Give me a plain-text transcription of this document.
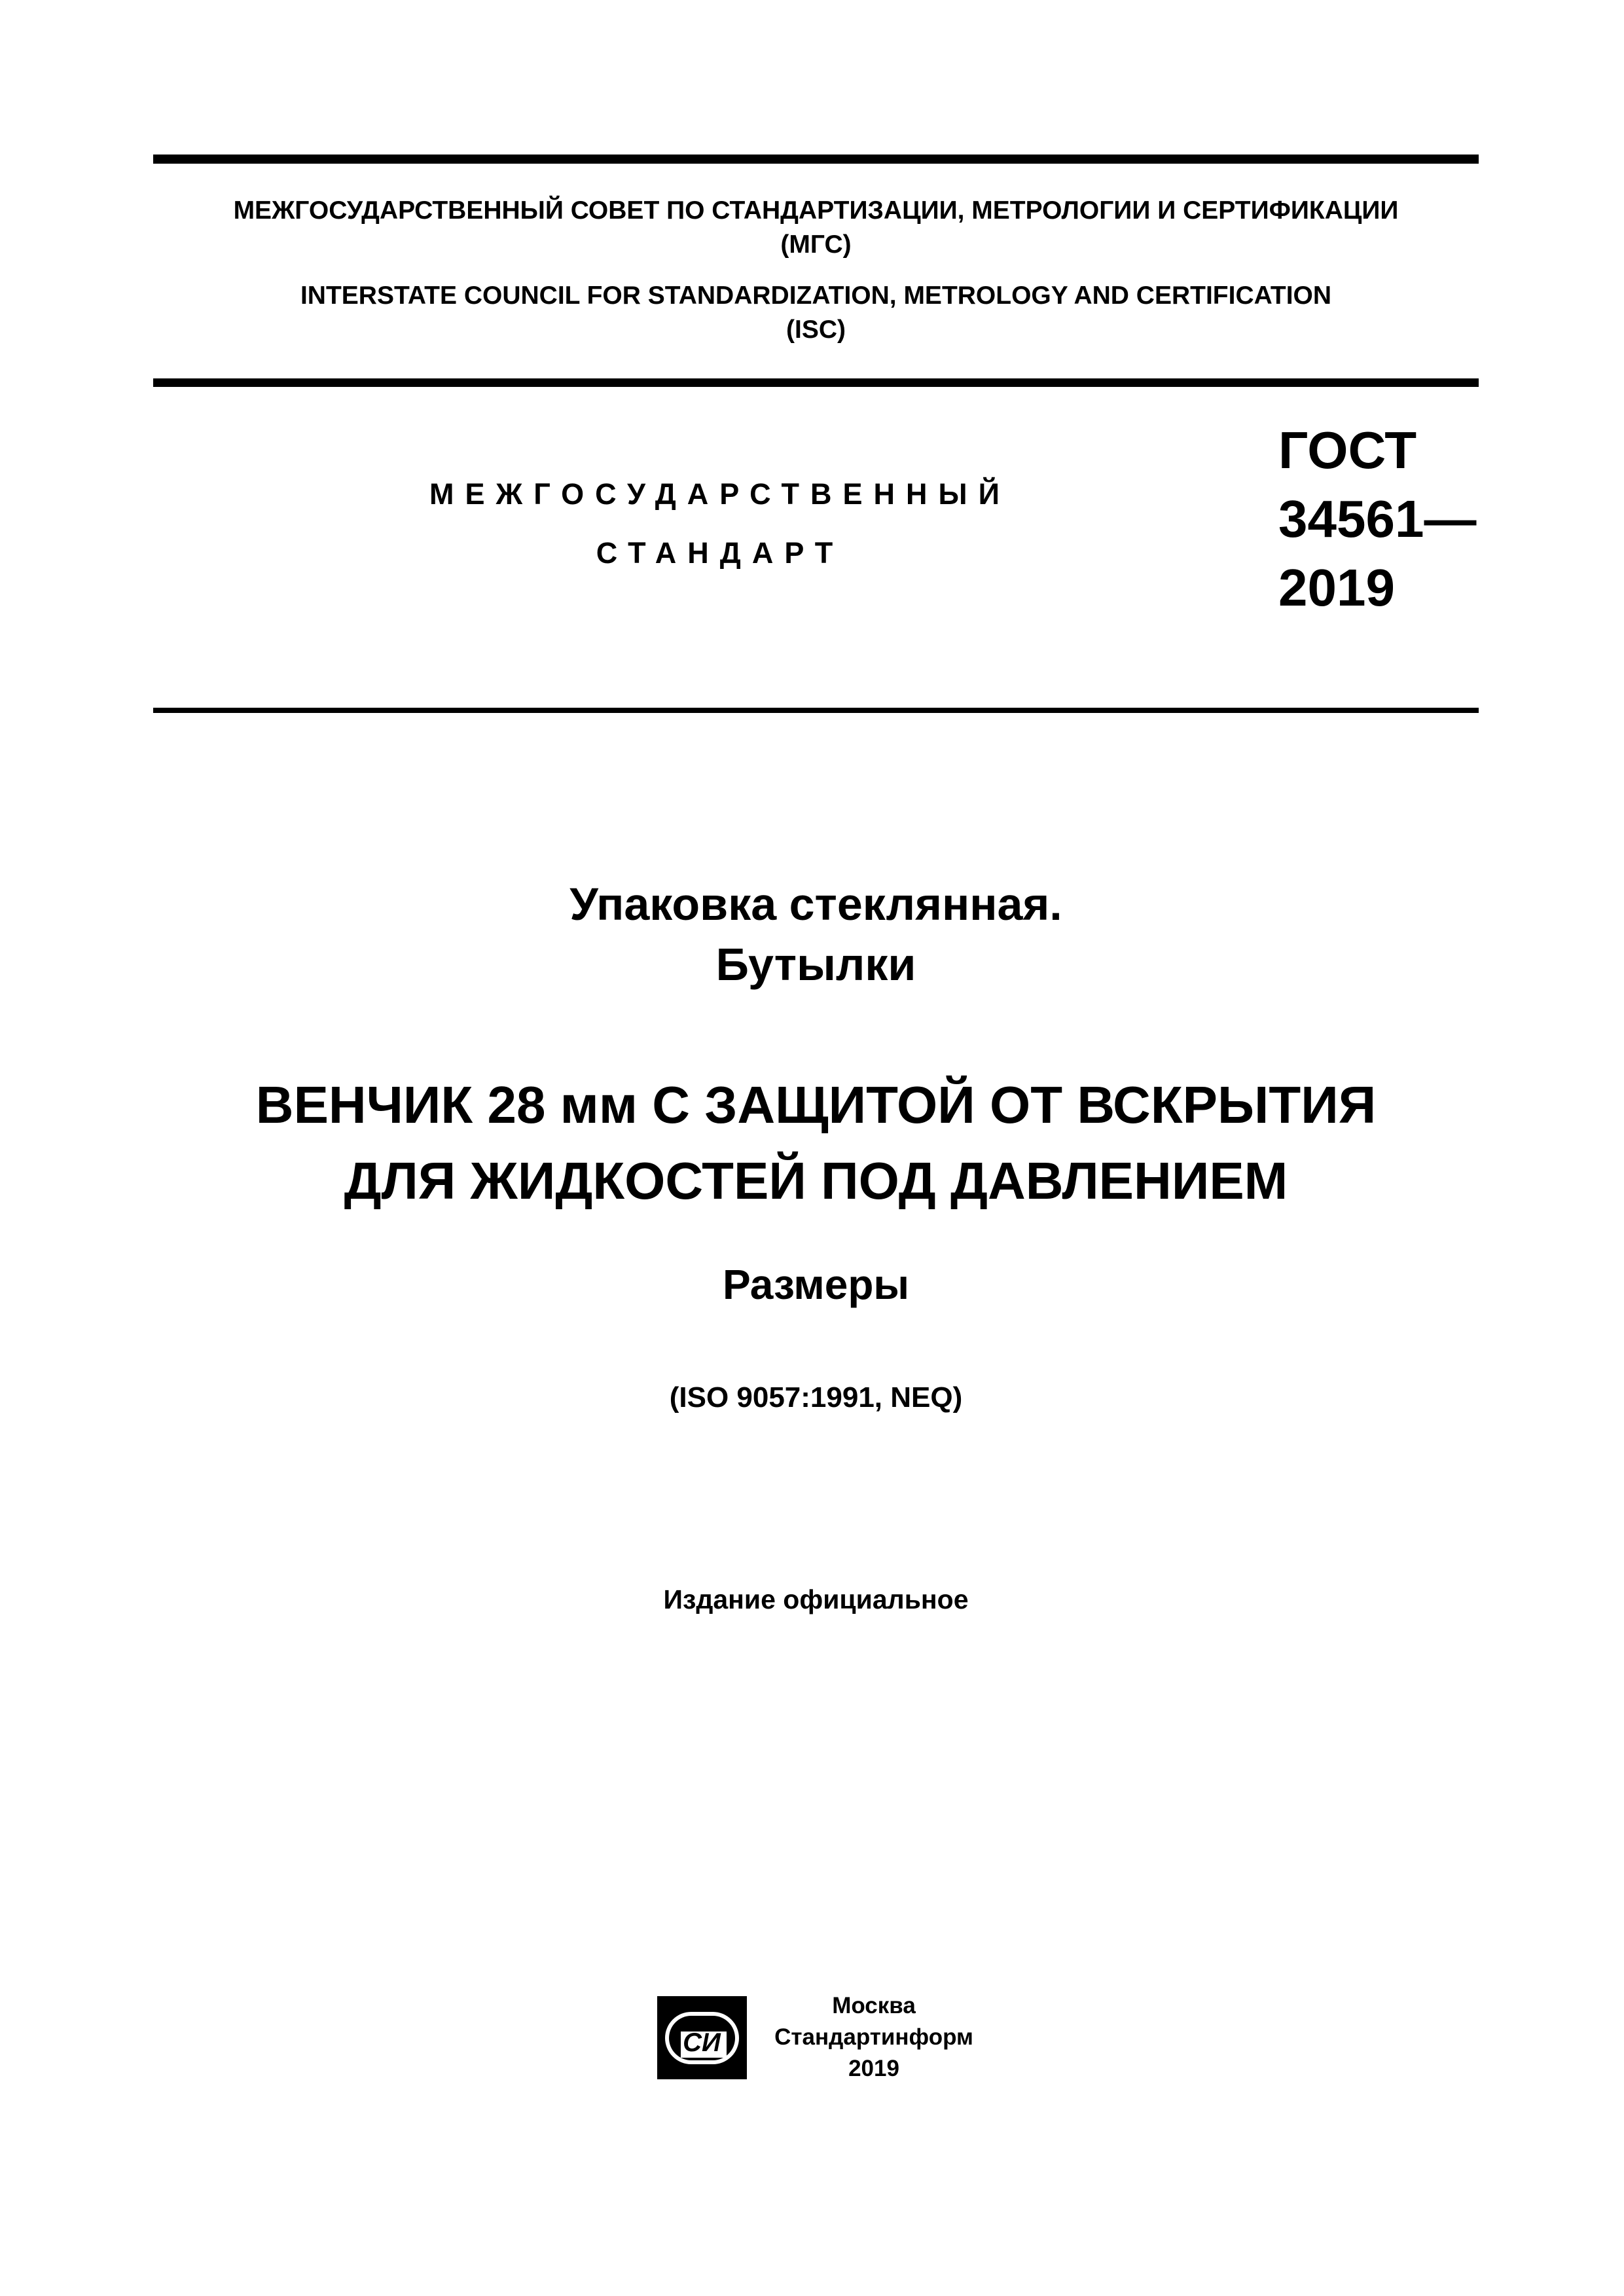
МЕЖГОСУДАРСТВЕННЫЙ СОВЕТ ПО СТАНДАРТИЗАЦИИ, МЕТРОЛОГИИ И СЕРТИФИКАЦИИ
(МГС)
INTERSTATE COUNCIL FOR STANDARDIZATION, METROLOGY AND CERTIFICATION
(ISC)
МЕЖГОСУДАРСТВЕННЫЙ
СТАНДАРТ
ГОСТ
34561—
2019
Упаковка стеклянная.
Бутылки
ВЕНЧИК 28 мм С ЗАЩИТОЙ ОТ ВСКРЫТИЯ
ДЛЯ ЖИДКОСТЕЙ ПОД ДАВЛЕНИЕМ
Размеры
(ISO 9057:1991, NEQ)
Издание официальное
СИ
Москва
Стандартинформ
2019
